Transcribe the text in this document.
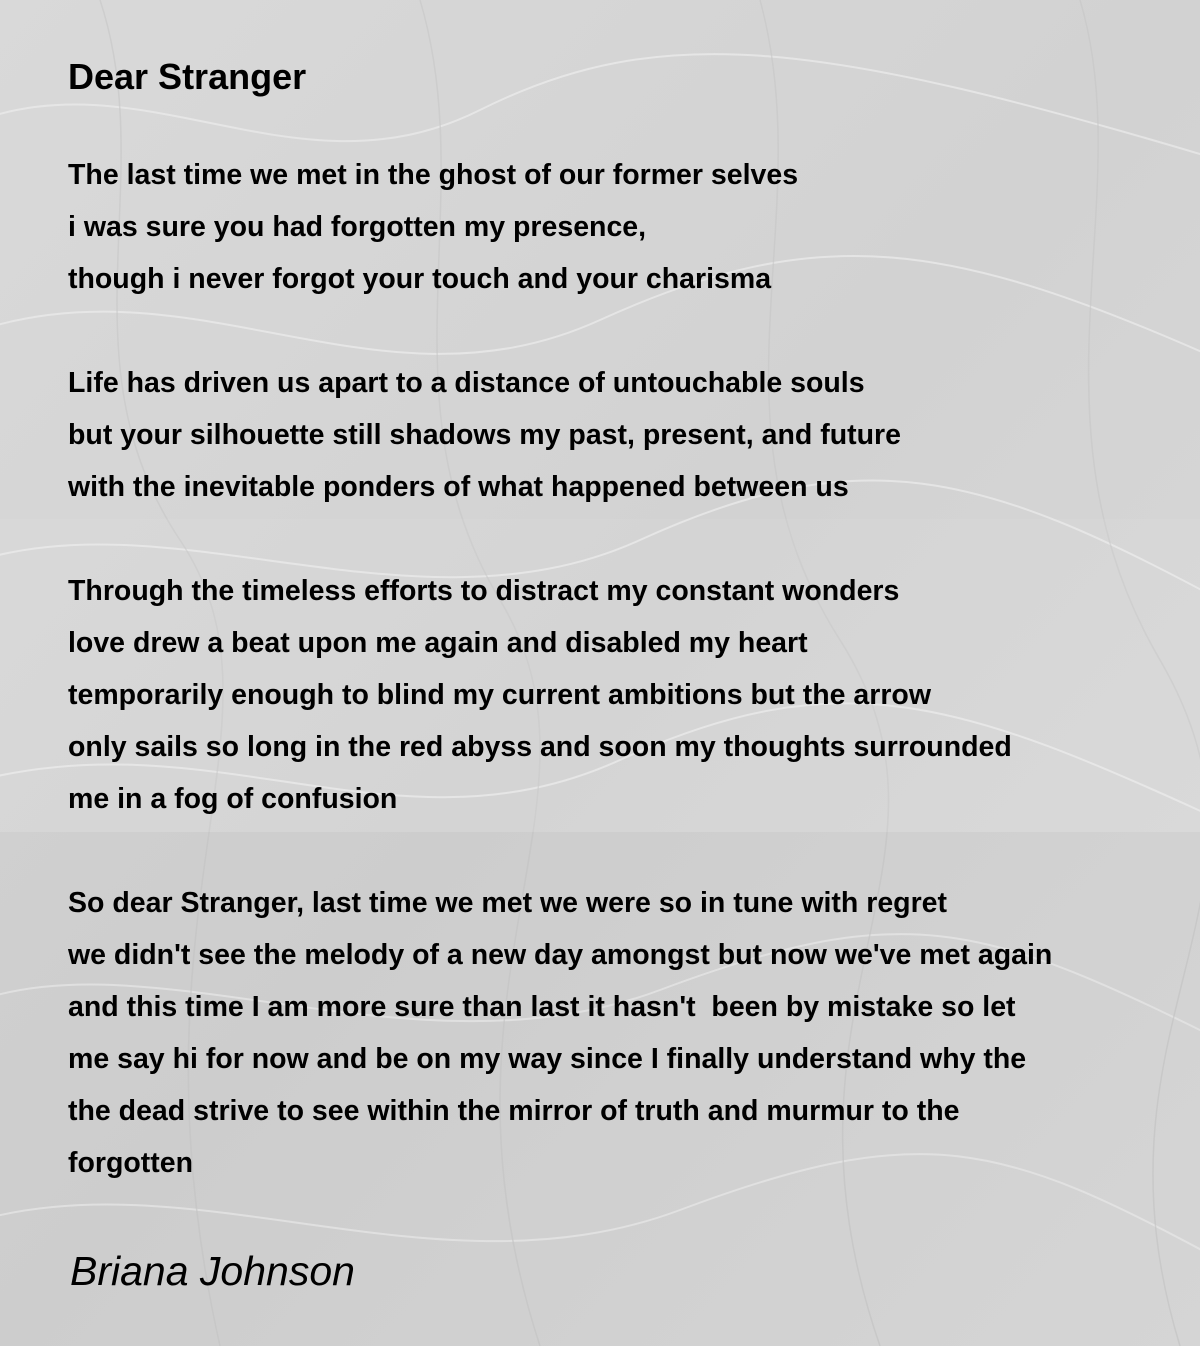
Dear Stranger
The last time we met in the ghost of our former selves
i was sure you had forgotten my presence,
though i never forgot your touch and your charisma
Life has driven us apart to a distance of untouchable souls
but your silhouette still shadows my past, present, and future
with the inevitable ponders of what happened between us
Through the timeless efforts to distract my constant wonders
love drew a beat upon me again and disabled my heart
temporarily enough to blind my current ambitions but the arrow
only sails so long in the red abyss and soon my thoughts surrounded
me in a fog of confusion
So dear Stranger, last time we met we were so in tune with regret
we didn't see the melody of a new day amongst but now we've met again
and this time I am more sure than last it hasn't  been by mistake so let
me say hi for now and be on my way since I finally understand why the
the dead strive to see within the mirror of truth and murmur to the
forgotten
Briana Johnson
